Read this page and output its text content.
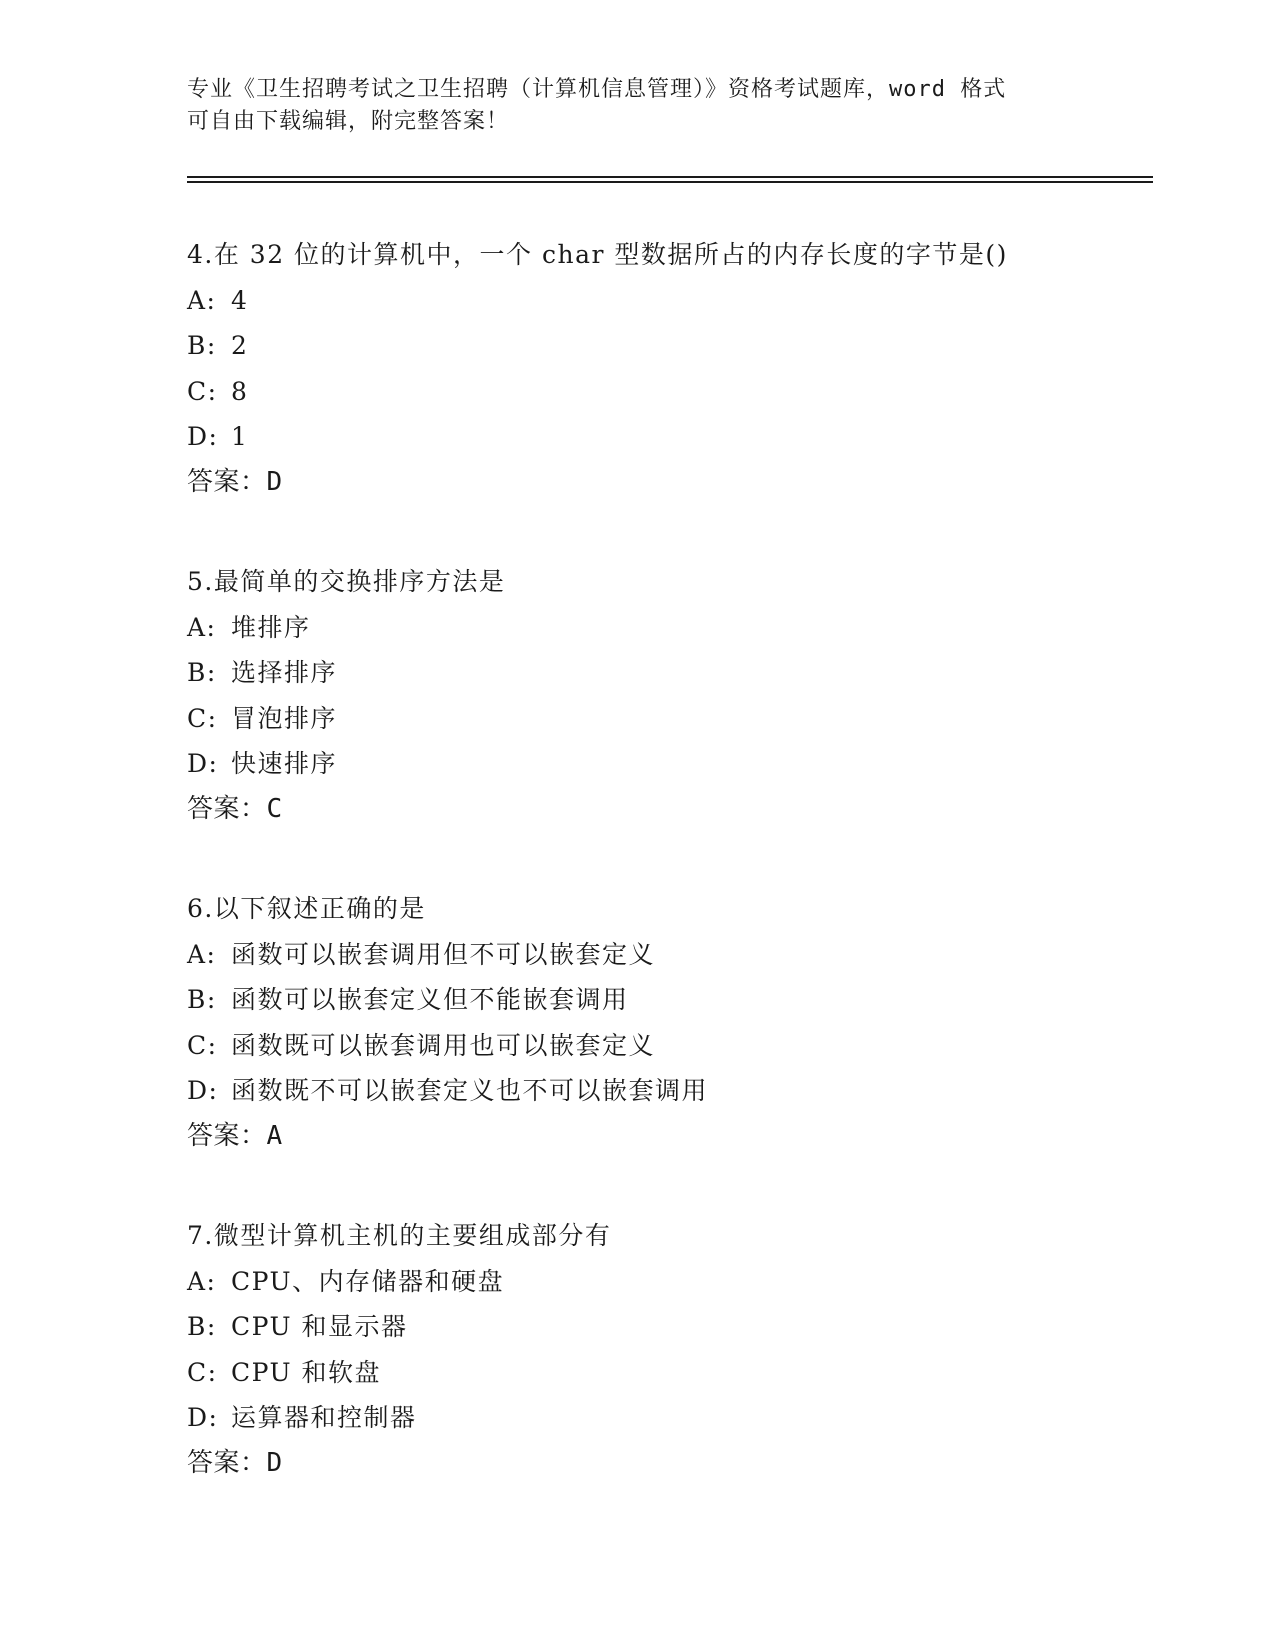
专业《卫生招聘考试之卫生招聘（计算机信息管理）》资格考试题库，word 格式
可自由下载编辑，附完整答案！
4.在 32 位的计算机中，一个 char 型数据所占的内存长度的字节是()
A: 4
B: 2
C: 8
D: 1
答案：D
5.最简单的交换排序方法是
A: 堆排序
B: 选择排序
C: 冒泡排序
D: 快速排序
答案：C
6.以下叙述正确的是
A: 函数可以嵌套调用但不可以嵌套定义
B: 函数可以嵌套定义但不能嵌套调用
C: 函数既可以嵌套调用也可以嵌套定义
D: 函数既不可以嵌套定义也不可以嵌套调用
答案：A
7.微型计算机主机的主要组成部分有
A: CPU、内存储器和硬盘
B: CPU 和显示器
C: CPU 和软盘
D: 运算器和控制器
答案：D
